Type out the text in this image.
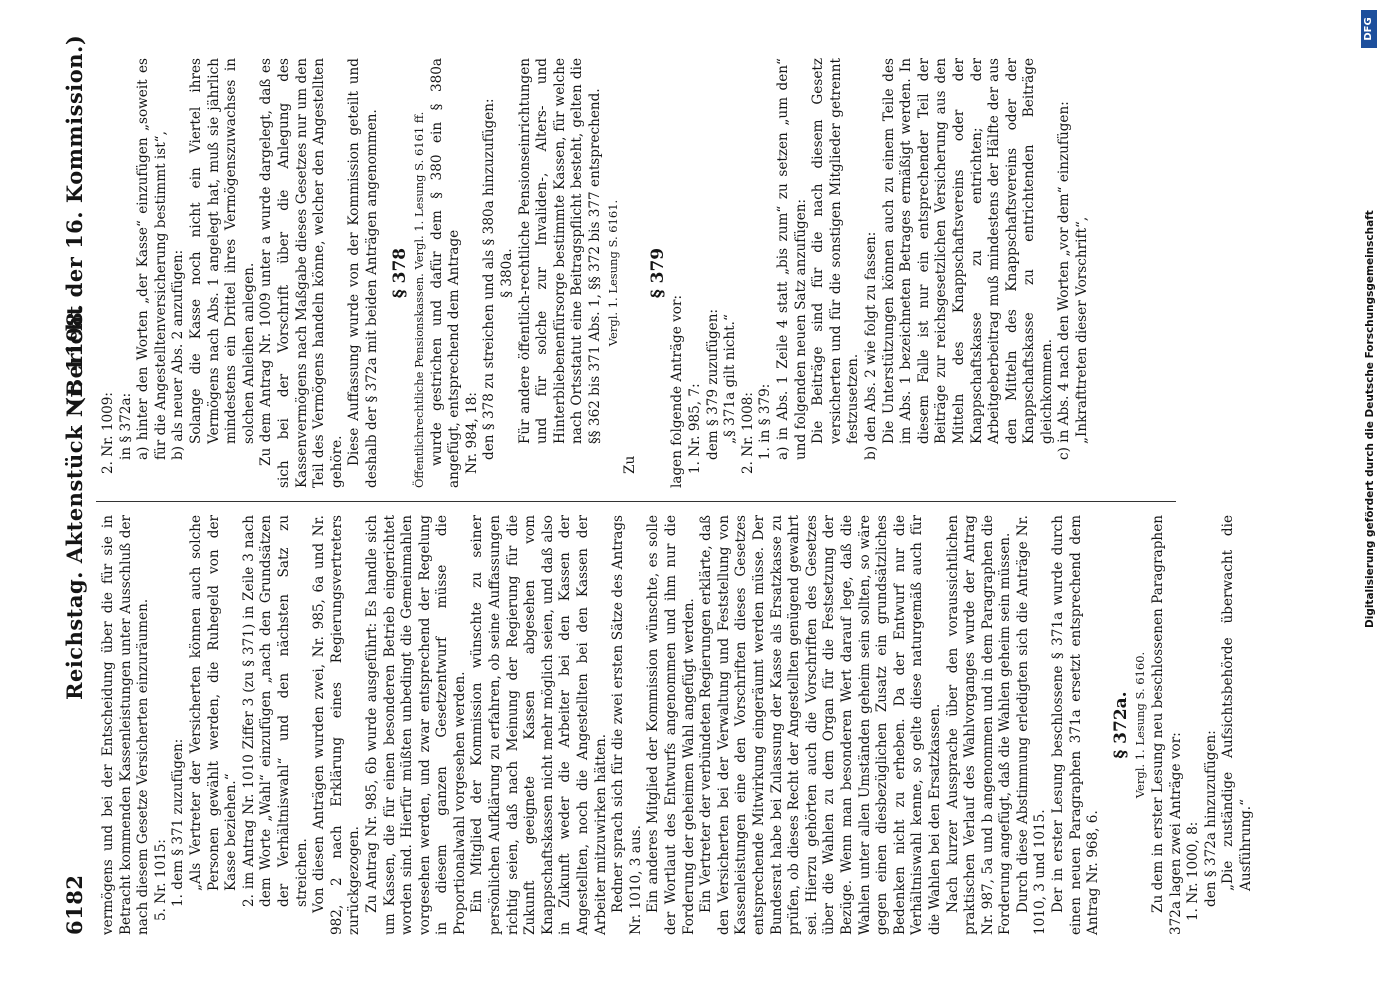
6182
Reichstag. Aktenstück Nr. 1198.
(Bericht der 16. Kommission.)

vermögens und bei der Entscheidung über die für sie in Betracht kommenden Kassenleistungen unter Ausschluß der nach diesem Gesetze Versicherten einzuräumen. 5. Nr. 1015: 1. dem § 371 zuzufügen: „Als Vertreter der Versicherten können auch solche Personen gewählt werden, die Ruhegeld von der Kasse beziehen.“ 2. im Antrag Nr. 1010 Ziffer 3 (zu § 371) in Zeile 3 nach dem Worte „Wahl“ einzufügen „nach den Grundsätzen der Verhältniswahl“ und den nächsten Satz zu streichen. Von diesen Anträgen wurden zwei, Nr. 985, 6a und Nr. 982, 2 nach Erklärung eines Regierungsvertreters zurückgezogen. Zu Antrag Nr. 985, 6b wurde ausgeführt: Es handle sich um Kassen, die für einen besonderen Betrieb eingerichtet worden sind. Hierfür müßten unbedingt die Gemeinmahlen vorgesehen werden, und zwar entsprechend der Regelung in diesem ganzen Gesetzentwurf müsse die Proportionalwahl vorgesehen werden. Ein Mitglied der Kommission wünschte zu seiner persönlichen Aufklärung zu erfahren, ob seine Auffassungen richtig seien, daß nach Meinung der Regierung für die Zukunft geeignete Kassen abgesehen vom Knappschaftskassen nicht mehr möglich seien, und daß also in Zukunft weder die Arbeiter bei den Kassen der Angestellten, noch die Angestellten bei den Kassen der Arbeiter mitzuwirken hätten. Redner sprach sich für die zwei ersten Sätze des Antrags Nr. 1010, 3 aus. Ein anderes Mitglied der Kommission wünschte, es solle der Wortlaut des Entwurfs angenommen und ihm nur die Forderung der geheimen Wahl angefügt werden. Ein Vertreter der verbündeten Regierungen erklärte, daß den Versicherten bei der Verwaltung und Feststellung von Kassenleistungen eine den Vorschriften dieses Gesetzes entsprechende Mitwirkung eingeräumt werden müsse. Der Bundesrat habe bei Zulassung der Kasse als Ersatzkasse zu prüfen, ob dieses Recht der Angestellten genügend gewahrt sei. Hierzu gehörten auch die Vorschriften des Gesetzes über die Wahlen zu dem Organ für die Festsetzung der Bezüge. Wenn man besonderen Wert darauf lege, daß die Wahlen unter allen Umständen geheim sein sollten, so wäre gegen einen diesbezüglichen Zusatz ein grundsätzliches Bedenken nicht zu erheben. Da der Entwurf nur die Verhältniswahl kenne, so gelte diese naturgemäß auch für die Wahlen bei den Ersatzkassen. Nach kurzer Aussprache über den voraussichtlichen praktischen Verlauf des Wahlvorganges wurde der Antrag Nr. 987, 5a und b angenommen und in dem Paragraphen die Forderung angefügt, daß die Wahlen geheim sein müssen. Durch diese Abstimmung erledigten sich die Anträge Nr. 1010, 3 und 1015. Der in erster Lesung beschlossene § 371a wurde durch einen neuen Paragraphen 371a ersetzt entsprechend dem Antrag Nr. 968, 6.

§ 372a. Vergl. 1. Lesung S. 6160. Zu dem in erster Lesung neu beschlossenen Paragraphen 372a lagen zwei Anträge vor: 1. Nr. 1000, 8: den § 372a hinzuzufügen: „Die zuständige Aufsichtsbehörde überwacht die Ausführung.“

2. Nr. 1009: in § 372a: a) hinter den Worten „der Kasse“ einzufügen „soweit es für die Angestelltenversicherung bestimmt ist“, b) als neuer Abs. 2 anzufügen: Solange die Kasse noch nicht ein Viertel ihres Vermögens nach Abs. 1 angelegt hat, muß sie jährlich mindestens ein Drittel ihres Vermögenszuwachses in solchen Anleihen anlegen. Zu dem Antrag Nr. 1009 unter a wurde dargelegt, daß es sich bei der Vorschrift über die Anlegung des Kassenvermögens nach Maßgabe dieses Gesetzes nur um den Teil des Vermögens handeln könne, welcher den Angestellten gehöre. Diese Auffassung wurde von der Kommission geteilt und deshalb der § 372a mit beiden Anträgen angenommen. § 378 Öffentlichrechtliche Pensionskassen. Vergl. 1. Lesung S. 6161 ff. wurde gestrichen und dafür dem § 380 ein § 380a angefügt, entsprechend dem Antrage Nr. 984, 18: den § 378 zu streichen und als § 380a hinzuzufügen: § 380a. Für andere öffentlich-rechtliche Pensionseinrichtungen und für solche zur Invaliden-, Alters- und Hinterbliebenenfürsorge bestimmte Kassen, für welche nach Ortsstatut eine Beitragspflicht besteht, gelten die §§ 362 bis 371 Abs. 1, §§ 372 bis 377 entsprechend. Vergl. 1. Lesung S. 6161.

Zu

§ 379

lagen folgende Anträge vor: 1. Nr. 985, 7: dem § 379 zuzufügen: „§ 371a gilt nicht.“ 2. Nr. 1008: 1. in § 379: a) in Abs. 1 Zeile 4 statt „bis zum“ zu setzen „um den“ und folgenden neuen Satz anzufügen: Die Beiträge sind für die nach diesem Gesetz versicherten und für die sonstigen Mitglieder getrennt festzusetzen. b) den Abs. 2 wie folgt zu fassen: Die Unterstützungen können auch zu einem Teile des im Abs. 1 bezeichneten Betrages ermäßigt werden. In diesem Falle ist nur ein entsprechender Teil der Beiträge zur reichsgesetzlichen Versicherung aus den Mitteln des Knappschaftsvereins oder der Knappschaftskasse zu entrichten; der Arbeitgeberbeitrag muß mindestens der Hälfte der aus den Mitteln des Knappschaftsvereins oder der Knappschaftskasse zu entrichtenden Beiträge gleichkommen. c) in Abs. 4 nach den Worten „vor dem“ einzufügen: „Inkrafttreten dieser Vorschrift“,	Digitalisierung gefördert durch die Deutsche Forschungsgemeinschaft
DFG
